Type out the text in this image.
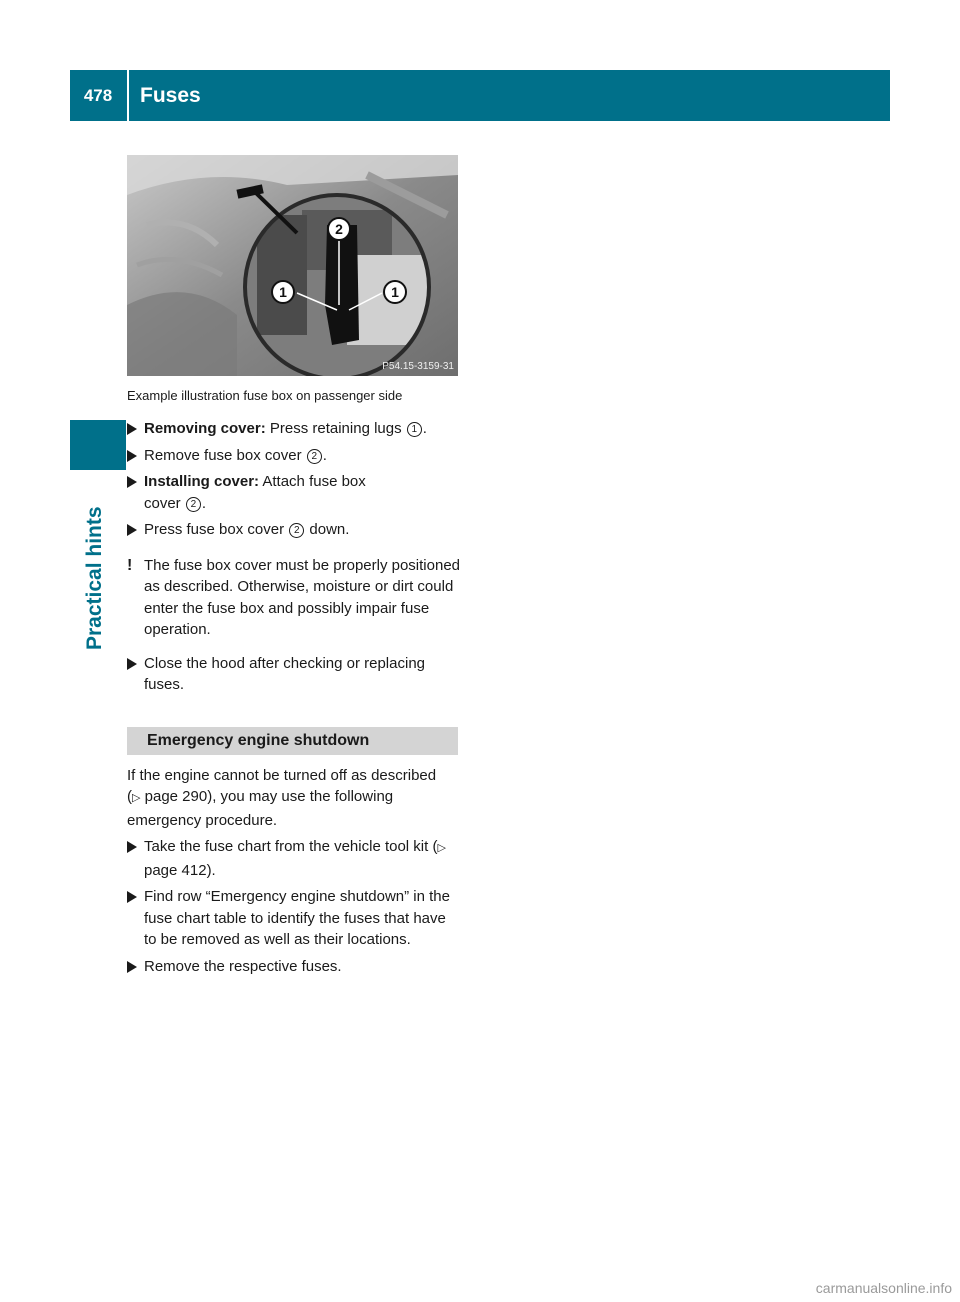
478	Fuses
Practical hints
2
1	1
P54.15-3159-31
Example illustration fuse box on passenger side
Removing cover: Press retaining lugs 1 .
Remove fuse box cover 2 .
Installing cover: Attach fuse box cover 2 .
Press fuse box cover 2 down.
! The fuse box cover must be properly positioned as described. Otherwise, moisture or dirt could enter the fuse box and possibly impair fuse operation.
Close the hood after checking or replacing fuses.
Emergency engine shutdown
If the engine cannot be turned off as described (▷ page 290), you may use the following emergency procedure.
Take the fuse chart from the vehicle tool kit (▷ page 412).
Find row “Emergency engine shutdown” in the fuse chart table to identify the fuses that have to be removed as well as their locations.
Remove the respective fuses.
carmanualsonline.info
